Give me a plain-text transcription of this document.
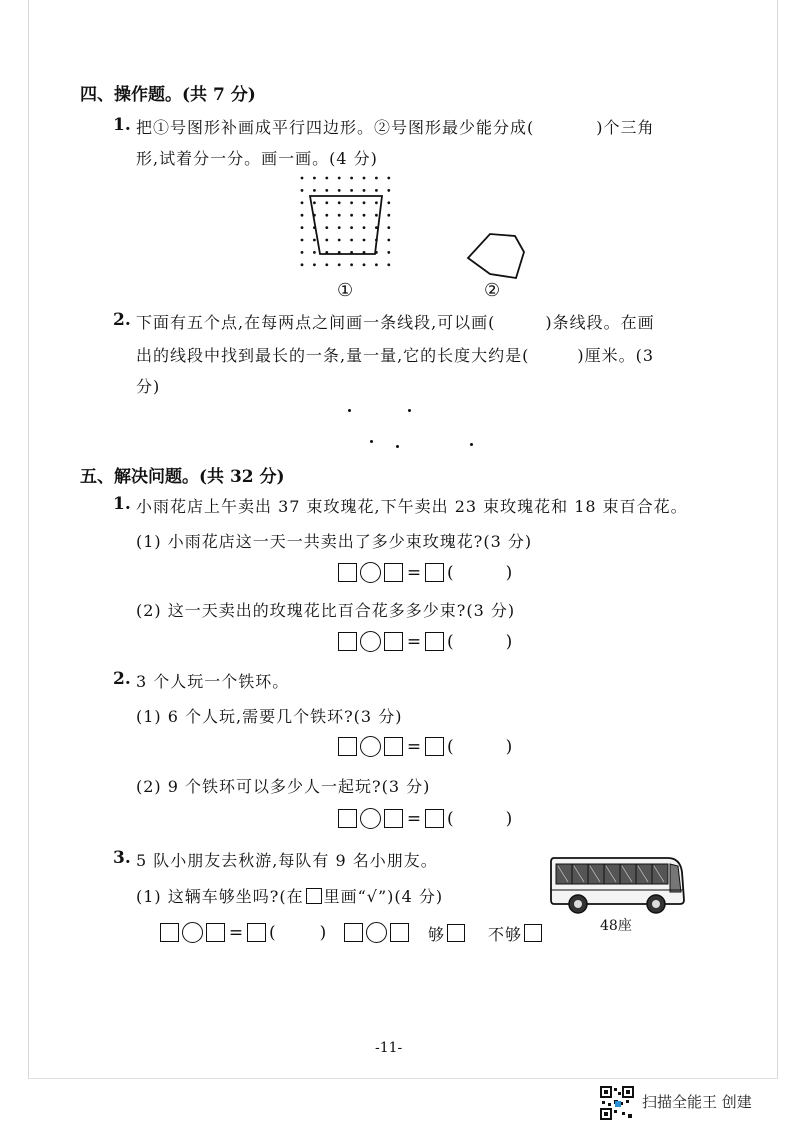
四、操作题。(共 7 分)
1. 把①号图形补画成平行四边形。②号图形最少能分成(	)个三角
形,试着分一分。画一画。(4 分)
①	②
2. 下面有五个点,在每两点之间画一条线段,可以画(	)条线段。在画
出的线段中找到最长的一条,量一量,它的长度大约是(	)厘米。(3
分)
五、解决问题。(共 32 分)
1. 小雨花店上午卖出 37 束玫瑰花,下午卖出 23 束玫瑰花和 18 束百合花。
(1) 小雨花店这一天一共卖出了多少束玫瑰花?(3 分)
= (	)
(2) 这一天卖出的玫瑰花比百合花多多少束?(3 分)
= (	)
2. 3 个人玩一个铁环。
(1) 6 个人玩,需要几个铁环?(3 分)
= (	)
(2) 9 个铁环可以多少人一起玩?(3 分)
= (	)
3. 5 队小朋友去秋游,每队有 9 名小朋友。
(1) 这辆车够坐吗?(在 里画“√”)(4 分)
48座
= (	)	够	不够
-11-
扫描全能王 创建
